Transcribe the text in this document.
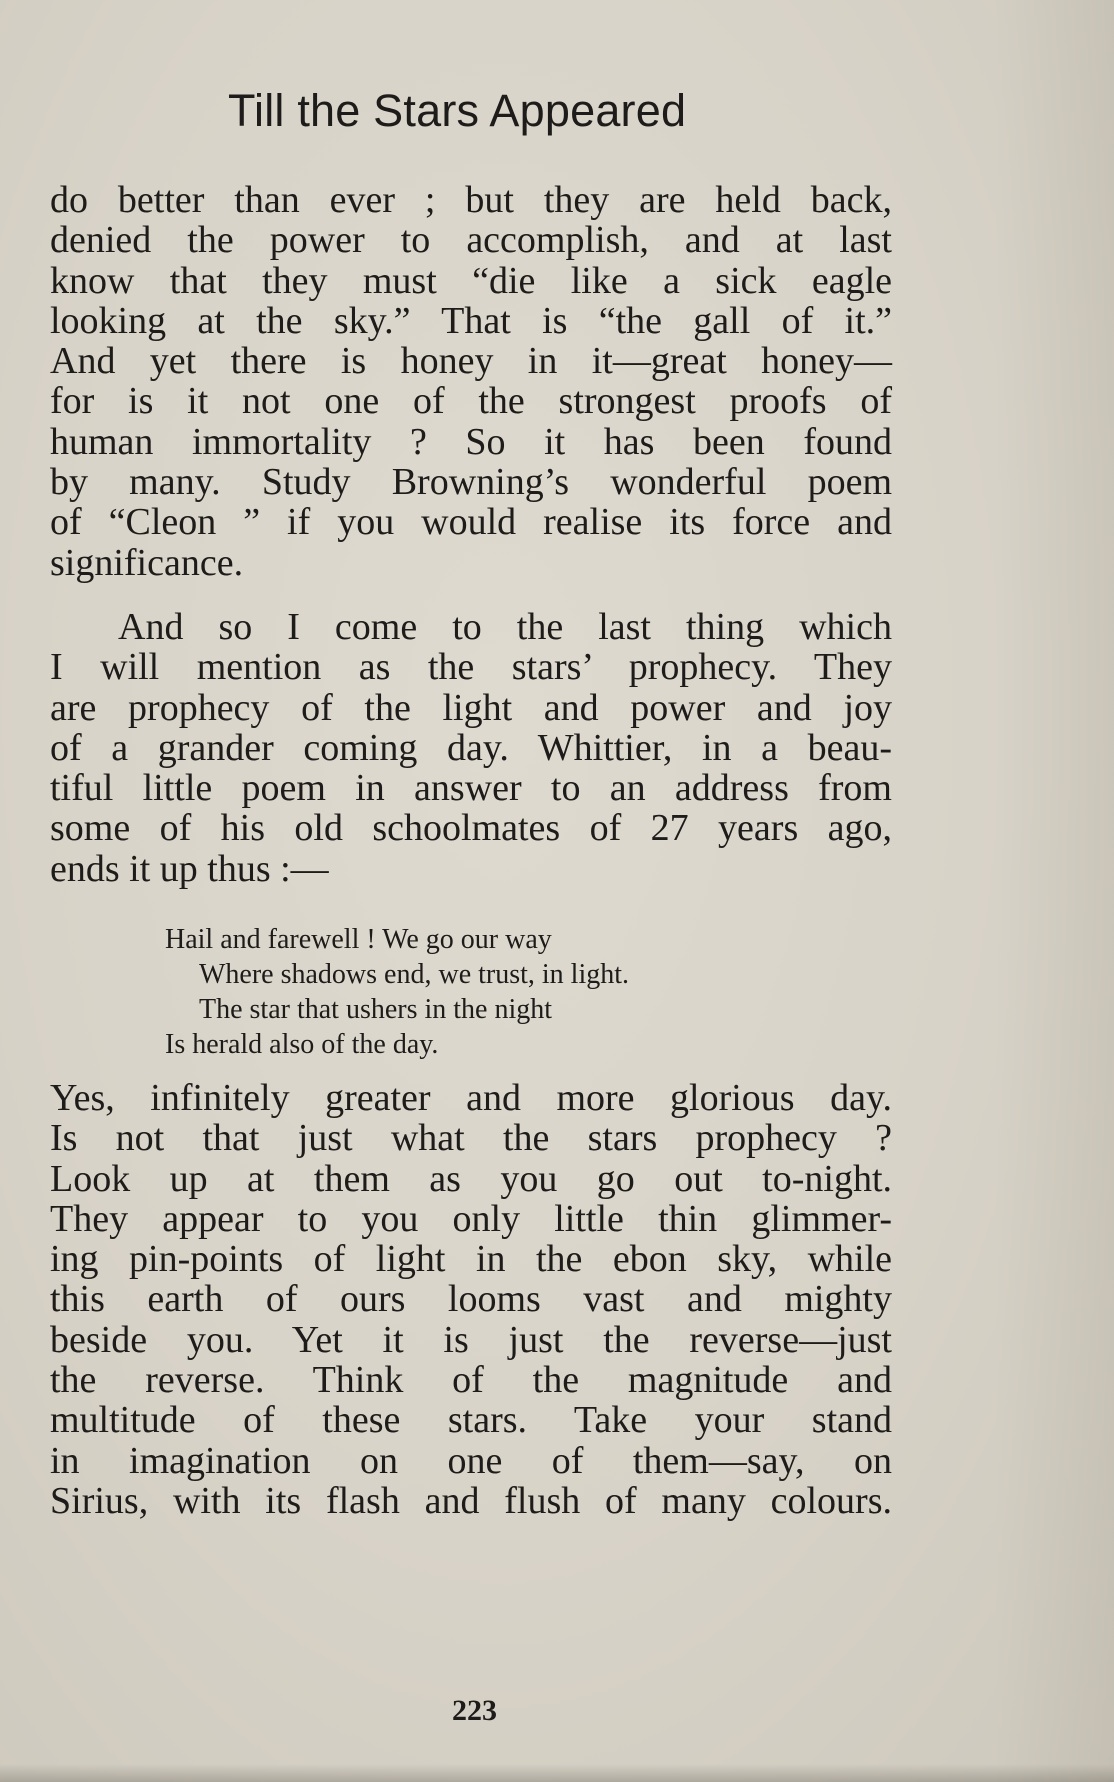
Till the Stars Appeared
do better than ever ; but they are held back,
denied the power to accomplish, and at last
know that they must “die like a sick eagle
looking at the sky.” That is “the gall of it.”
And yet there is honey in it—great honey—
for is it not one of the strongest proofs of
human immortality ? So it has been found
by many. Study Browning’s wonderful poem
of “Cleon ” if you would realise its force and
significance.
And so I come to the last thing which
I will mention as the stars’ prophecy. They
are prophecy of the light and power and joy
of a grander coming day. Whittier, in a beau-
tiful little poem in answer to an address from
some of his old schoolmates of 27 years ago,
ends it up thus :—
Hail and farewell ! We go our way
Where shadows end, we trust, in light.
The star that ushers in the night
Is herald also of the day.
Yes, infinitely greater and more glorious day.
Is not that just what the stars prophecy ?
Look up at them as you go out to-night.
They appear to you only little thin glimmer-
ing pin-points of light in the ebon sky, while
this earth of ours looms vast and mighty
beside you. Yet it is just the reverse—just
the reverse. Think of the magnitude and
multitude of these stars. Take your stand
in imagination on one of them—say, on
Sirius, with its flash and flush of many colours.
223
